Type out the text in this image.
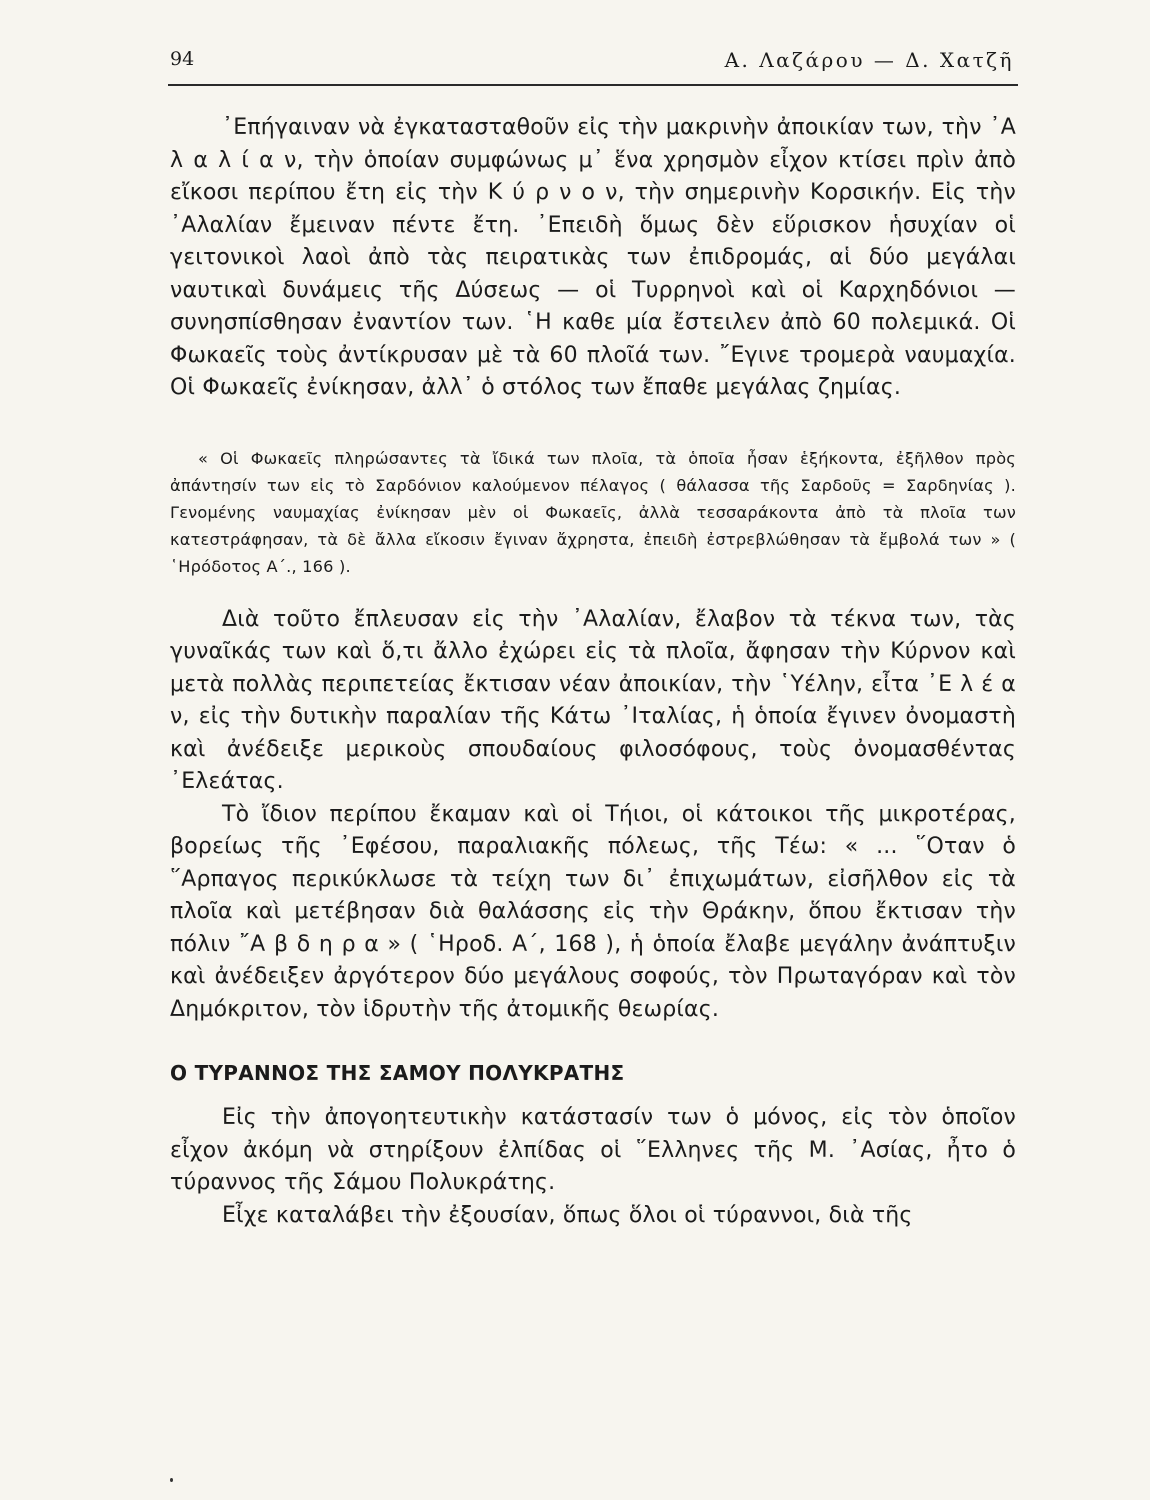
94	Α. Λαζάρου — Δ. Χατζῆ

᾿Επήγαιναν νὰ ἐγκατασταθοῦν εἰς τὴν μακρινὴν ἀποικίαν των, τὴν ᾿Α λ α λ ί α ν, τὴν ὁποίαν συμφώνως μ᾿ ἕνα χρησμὸν εἶχον κτίσει πρὶν ἀπὸ εἴκοσι περίπου ἔτη εἰς τὴν Κ ύ ρ ν ο ν, τὴν σημερινὴν Κορσικήν. Εἰς τὴν ᾿Αλαλίαν ἔμειναν πέντε ἔτη. ᾿Επειδὴ ὅμως δὲν εὕρισκον ἡσυχίαν οἱ γειτονικοὶ λαοὶ ἀπὸ τὰς πειρατικὰς των ἐπιδρομάς, αἱ δύο μεγάλαι ναυτικαὶ δυνάμεις τῆς Δύσεως — οἱ Τυρρηνοὶ καὶ οἱ Καρχηδόνιοι — συνησπίσθησαν ἐναντίον των. ῾Η καθε μία ἔστειλεν ἀπὸ 60 πολεμικά. Οἱ Φωκαεῖς τοὺς ἀντίκρυσαν μὲ τὰ 60 πλοῖά των. ῎Εγινε τρομερὰ ναυμαχία. Οἱ Φωκαεῖς ἐνίκησαν, ἀλλ᾿ ὁ στόλος των ἔπαθε μεγάλας ζημίας.

« Οἱ Φωκαεῖς πληρώσαντες τὰ ἴδικά των πλοῖα, τὰ ὁποῖα ἦσαν ἑξήκοντα, ἐξῆλθον πρὸς ἀπάντησίν των εἰς τὸ Σαρδόνιον καλούμενον πέλαγος ( θάλασσα τῆς Σαρδοῦς = Σαρδηνίας ). Γενομένης ναυμαχίας ἐνίκησαν μὲν οἱ Φωκαεῖς, ἀλλὰ τεσσαράκοντα ἀπὸ τὰ πλοῖα των κατεστράφησαν, τὰ δὲ ἄλλα εἴκοσιν ἔγιναν ἄχρηστα, ἐπειδὴ ἐστρεβλώθησαν τὰ ἔμβολά των » ( ῾Ηρόδοτος Α΄., 166 ).

Διὰ τοῦτο ἔπλευσαν εἰς τὴν ᾿Αλαλίαν, ἔλαβον τὰ τέκνα των, τὰς γυναῖκάς των καὶ ὅ,τι ἄλλο ἐχώρει εἰς τὰ πλοῖα, ἄφησαν τὴν Κύρνον καὶ μετὰ πολλὰς περιπετείας ἔκτισαν νέαν ἀποικίαν, τὴν ῾Υέλην, εἶτα ᾿Ε λ έ α ν, εἰς τὴν δυτικὴν παραλίαν τῆς Κάτω ᾿Ιταλίας, ἡ ὁποία ἔγινεν ὀνομαστὴ καὶ ἀνέδειξε μερικοὺς σπουδαίους φιλοσόφους, τοὺς ὀνομασθέντας ᾿Ελεάτας.

Τὸ ἴδιον περίπου ἔκαμαν καὶ οἱ Τήιοι, οἱ κάτοικοι τῆς μικροτέρας, βορείως τῆς ᾿Εφέσου, παραλιακῆς πόλεως, τῆς Τέω: « ... ῞Οταν ὁ ῞Αρπαγος περικύκλωσε τὰ τείχη των δι᾿ ἐπιχωμάτων, εἰσῆλθον εἰς τὰ πλοῖα καὶ μετέβησαν διὰ θαλάσσης εἰς τὴν Θράκην, ὅπου ἔκτισαν τὴν πόλιν ῎Α β δ η ρ α » ( ῾Ηροδ. Α΄, 168 ), ἡ ὁποία ἔλαβε μεγάλην ἀνάπτυξιν καὶ ἀνέδειξεν ἀργότερον δύο μεγάλους σοφούς, τὸν Πρωταγόραν καὶ τὸν Δημόκριτον, τὸν ἱδρυτὴν τῆς ἀτομικῆς θεωρίας.

Ο ΤΥΡΑΝΝΟΣ ΤΗΣ ΣΑΜΟΥ ΠΟΛΥΚΡΑΤΗΣ

Εἰς τὴν ἀπογοητευτικὴν κατάστασίν των ὁ μόνος, εἰς τὸν ὁποῖον εἶχον ἀκόμη νὰ στηρίξουν ἐλπίδας οἱ ῞Ελληνες τῆς Μ. ᾿Ασίας, ἦτο ὁ τύραννος τῆς Σάμου Πολυκράτης.

Εἶχε καταλάβει τὴν ἐξουσίαν, ὅπως ὅλοι οἱ τύραννοι, διὰ τῆς
